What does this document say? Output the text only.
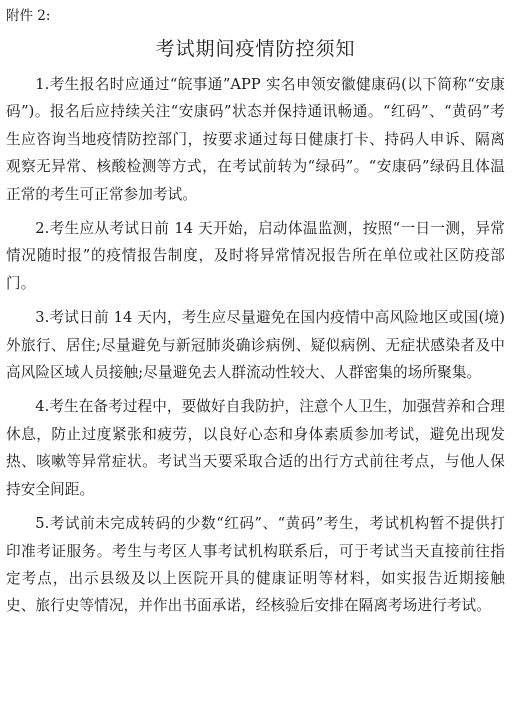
附件 2:
考试期间疫情防控须知

1.考生报名时应通过“皖事通”APP 实名申领安徽健康码(以下简称“安康码”)。报名后应持续关注“安康码”状态并保持通讯畅通。“红码”、“黄码”考生应咨询当地疫情防控部门，按要求通过每日健康打卡、持码人申诉、隔离观察无异常、核酸检测等方式，在考试前转为“绿码”。“安康码”绿码且体温正常的考生可正常参加考试。

2.考生应从考试日前 14 天开始，启动体温监测，按照“一日一测，异常情况随时报”的疫情报告制度，及时将异常情况报告所在单位或社区防疫部门。

3.考试日前 14 天内，考生应尽量避免在国内疫情中高风险地区或国(境)外旅行、居住;尽量避免与新冠肺炎确诊病例、疑似病例、无症状感染者及中高风险区域人员接触;尽量避免去人群流动性较大、人群密集的场所聚集。

4.考生在备考过程中，要做好自我防护，注意个人卫生，加强营养和合理休息，防止过度紧张和疲劳，以良好心态和身体素质参加考试，避免出现发热、咳嗽等异常症状。考试当天要采取合适的出行方式前往考点，与他人保持安全间距。

5.考试前未完成转码的少数“红码”、“黄码”考生，考试机构暂不提供打印准考证服务。考生与考区人事考试机构联系后，可于考试当天直接前往指定考点，出示县级及以上医院开具的健康证明等材料，如实报告近期接触史、旅行史等情况，并作出书面承诺，经核验后安排在隔离考场进行考试。
